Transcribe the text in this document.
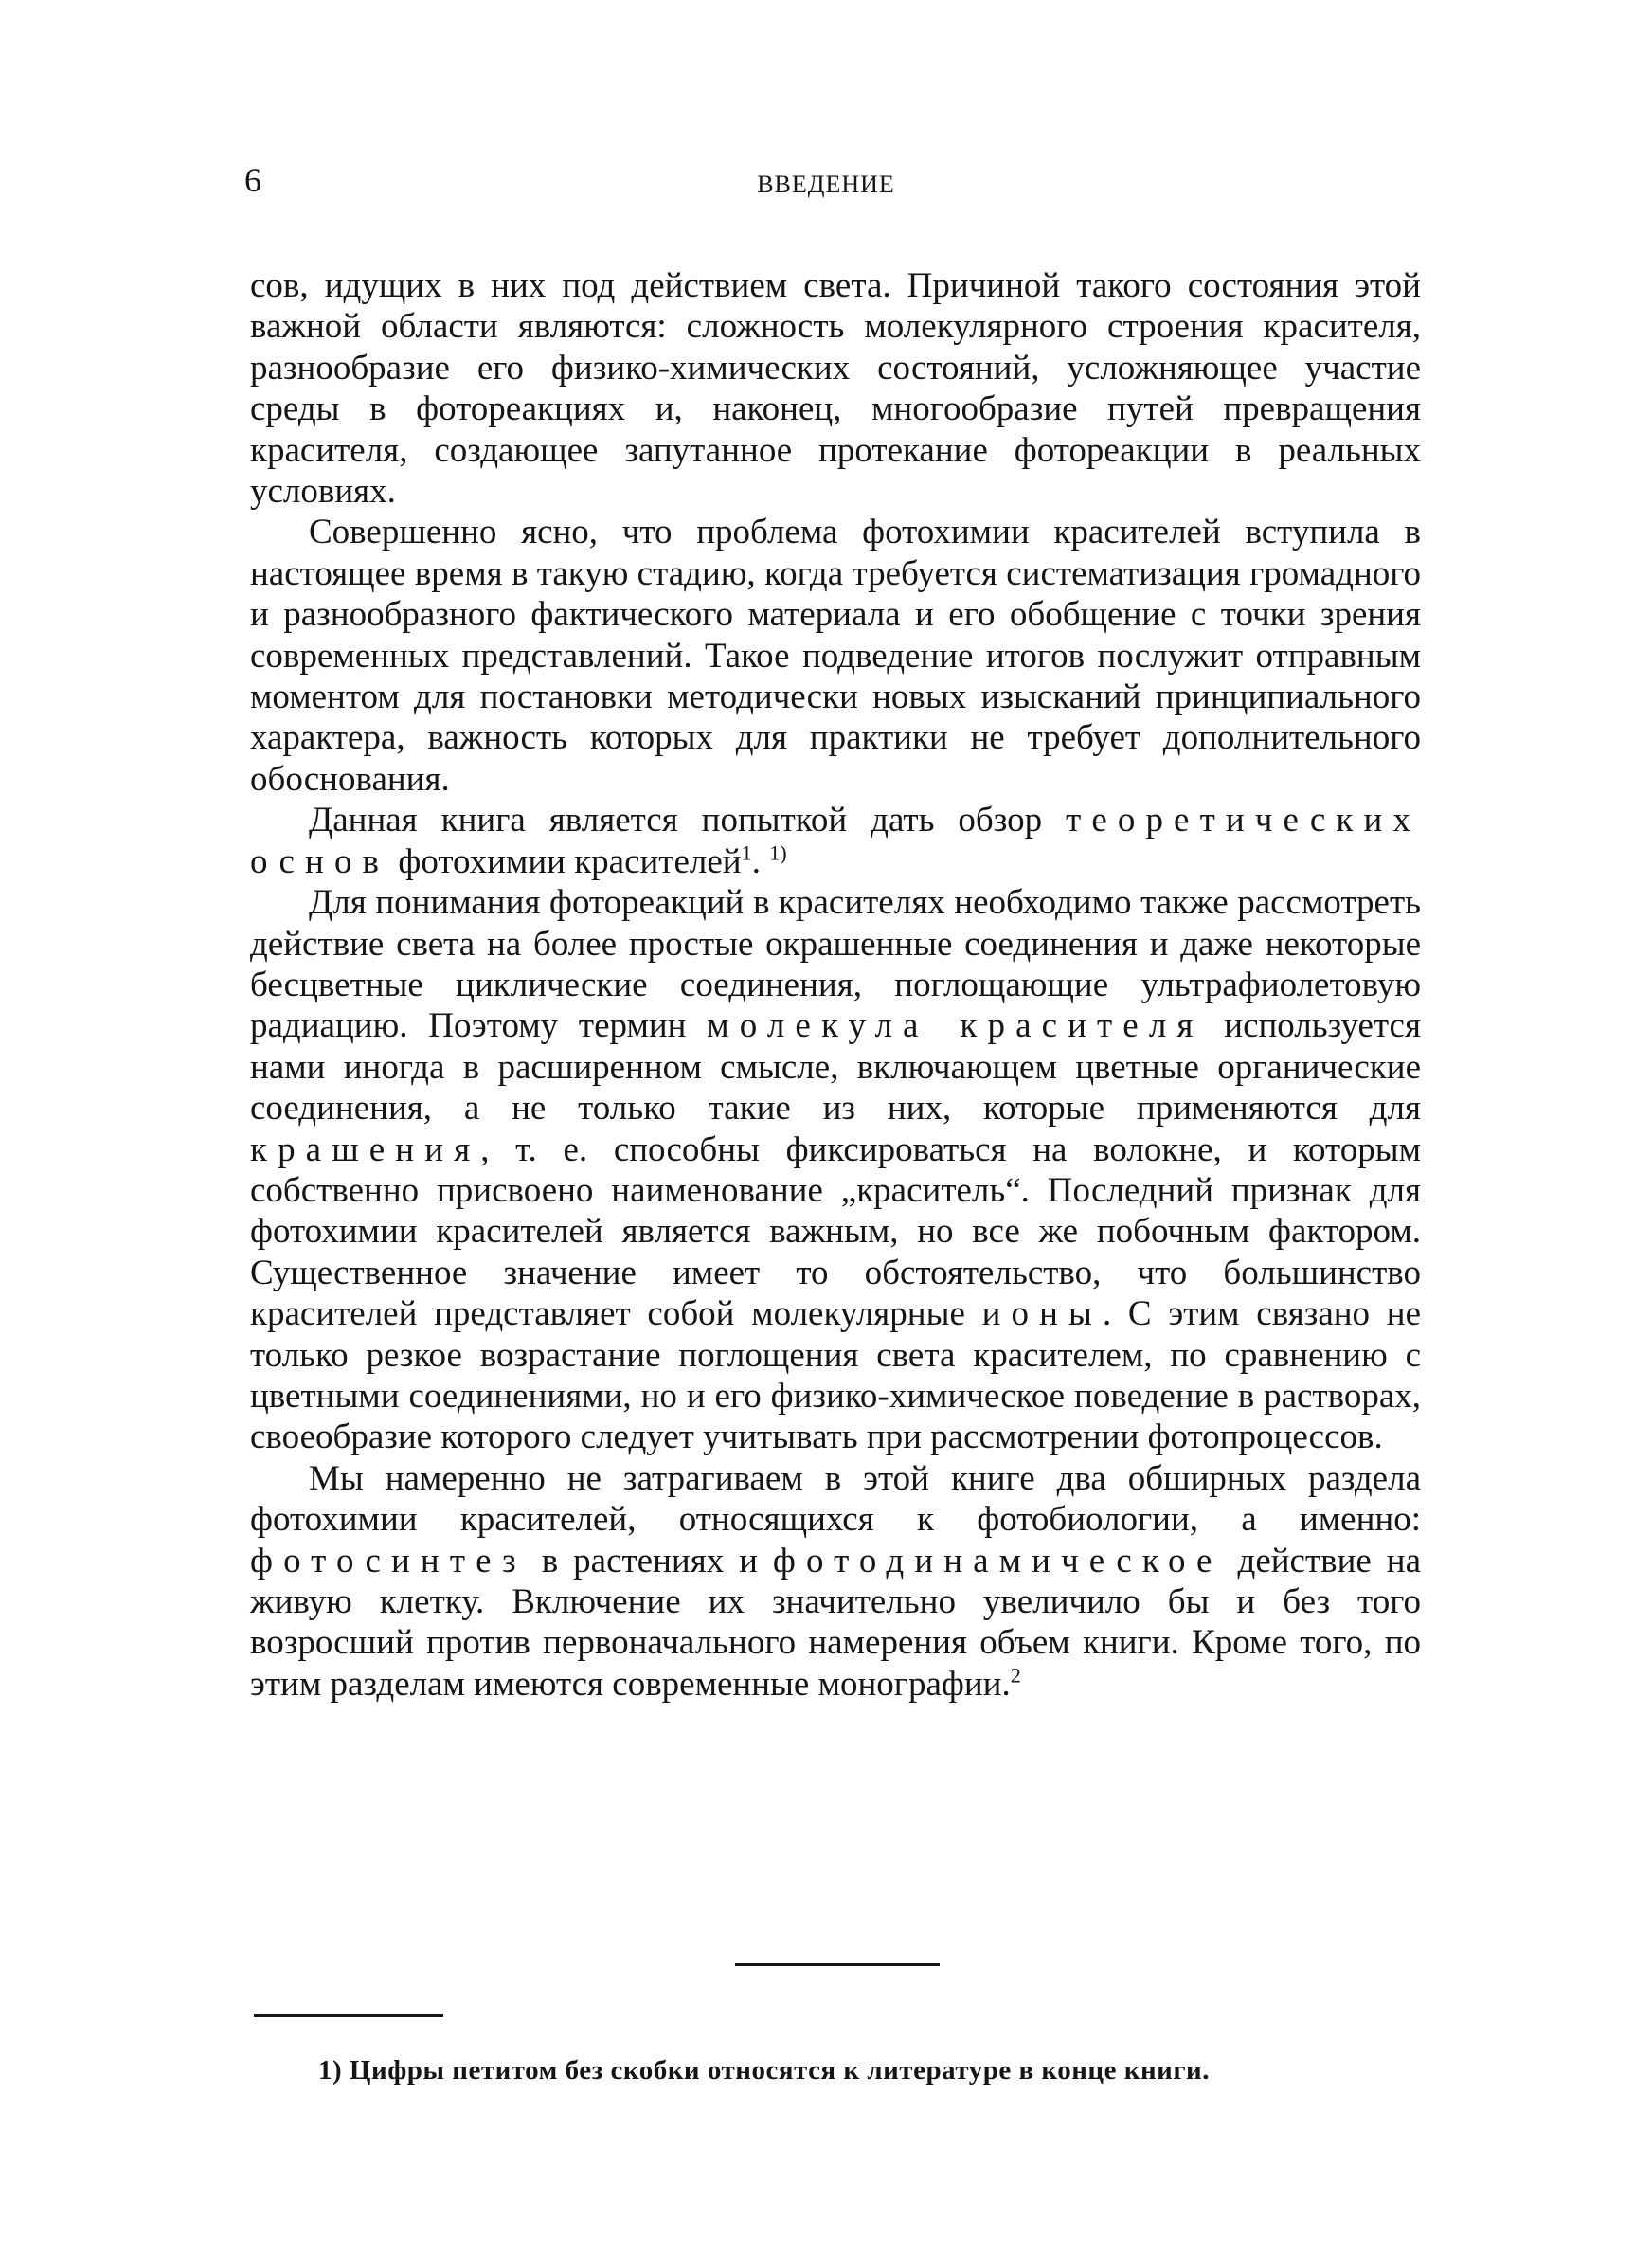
6	ВВЕДЕНИЕ

сов, идущих в них под действием света. Причиной такого состояния этой важной области являются: сложность молекулярного строения красителя, разнообразие его физико-химических состояний, усложняющее участие среды в фотореакциях и, наконец, многообразие путей превращения красителя, создающее запутанное протекание фотореакции в реальных условиях.

Совершенно ясно, что проблема фотохимии красителей вступила в настоящее время в такую стадию, когда требуется систематизация громадного и разнообразного фактического материала и его обобщение с точки зрения современных представлений. Такое подведение итогов послужит отправным моментом для постановки методически новых изысканий принципиального характера, важность которых для практики не требует дополнительного обоснования.

Данная книга является попыткой дать обзор теоретических основ фотохимии красителей$^1$. $^{1)}$

Для понимания фотореакций в красителях необходимо также рассмотреть действие света на более простые окрашенные соединения и даже некоторые бесцветные циклические соединения, поглощающие ультрафиолетовую радиацию. Поэтому термин молекула красителя используется нами иногда в расширенном смысле, включающем цветные органические соединения, а не только такие из них, которые применяются для крашения, т. е. способны фиксироваться на волокне, и которым собственно присвоено наименование „краситель“. Последний признак для фотохимии красителей является важным, но все же побочным фактором. Существенное значение имеет то обстоятельство, что большинство красителей представляет собой молекулярные ионы. С этим связано не только резкое возрастание поглощения света красителем, по сравнению с цветными соединениями, но и его физико-химическое поведение в растворах, своеобразие которого следует учитывать при рассмотрении фотопроцессов.

Мы намеренно не затрагиваем в этой книге два обширных раздела фотохимии красителей, относящихся к фотобиологии, а именно: фотосинтез в растениях и фотодинамическое действие на живую клетку. Включение их значительно увеличило бы и без того возросший против первоначального намерения объем книги. Кроме того, по этим разделам имеются современные монографии.$^2$

1) Цифры петитом без скобки относятся к литературе в конце книги.
